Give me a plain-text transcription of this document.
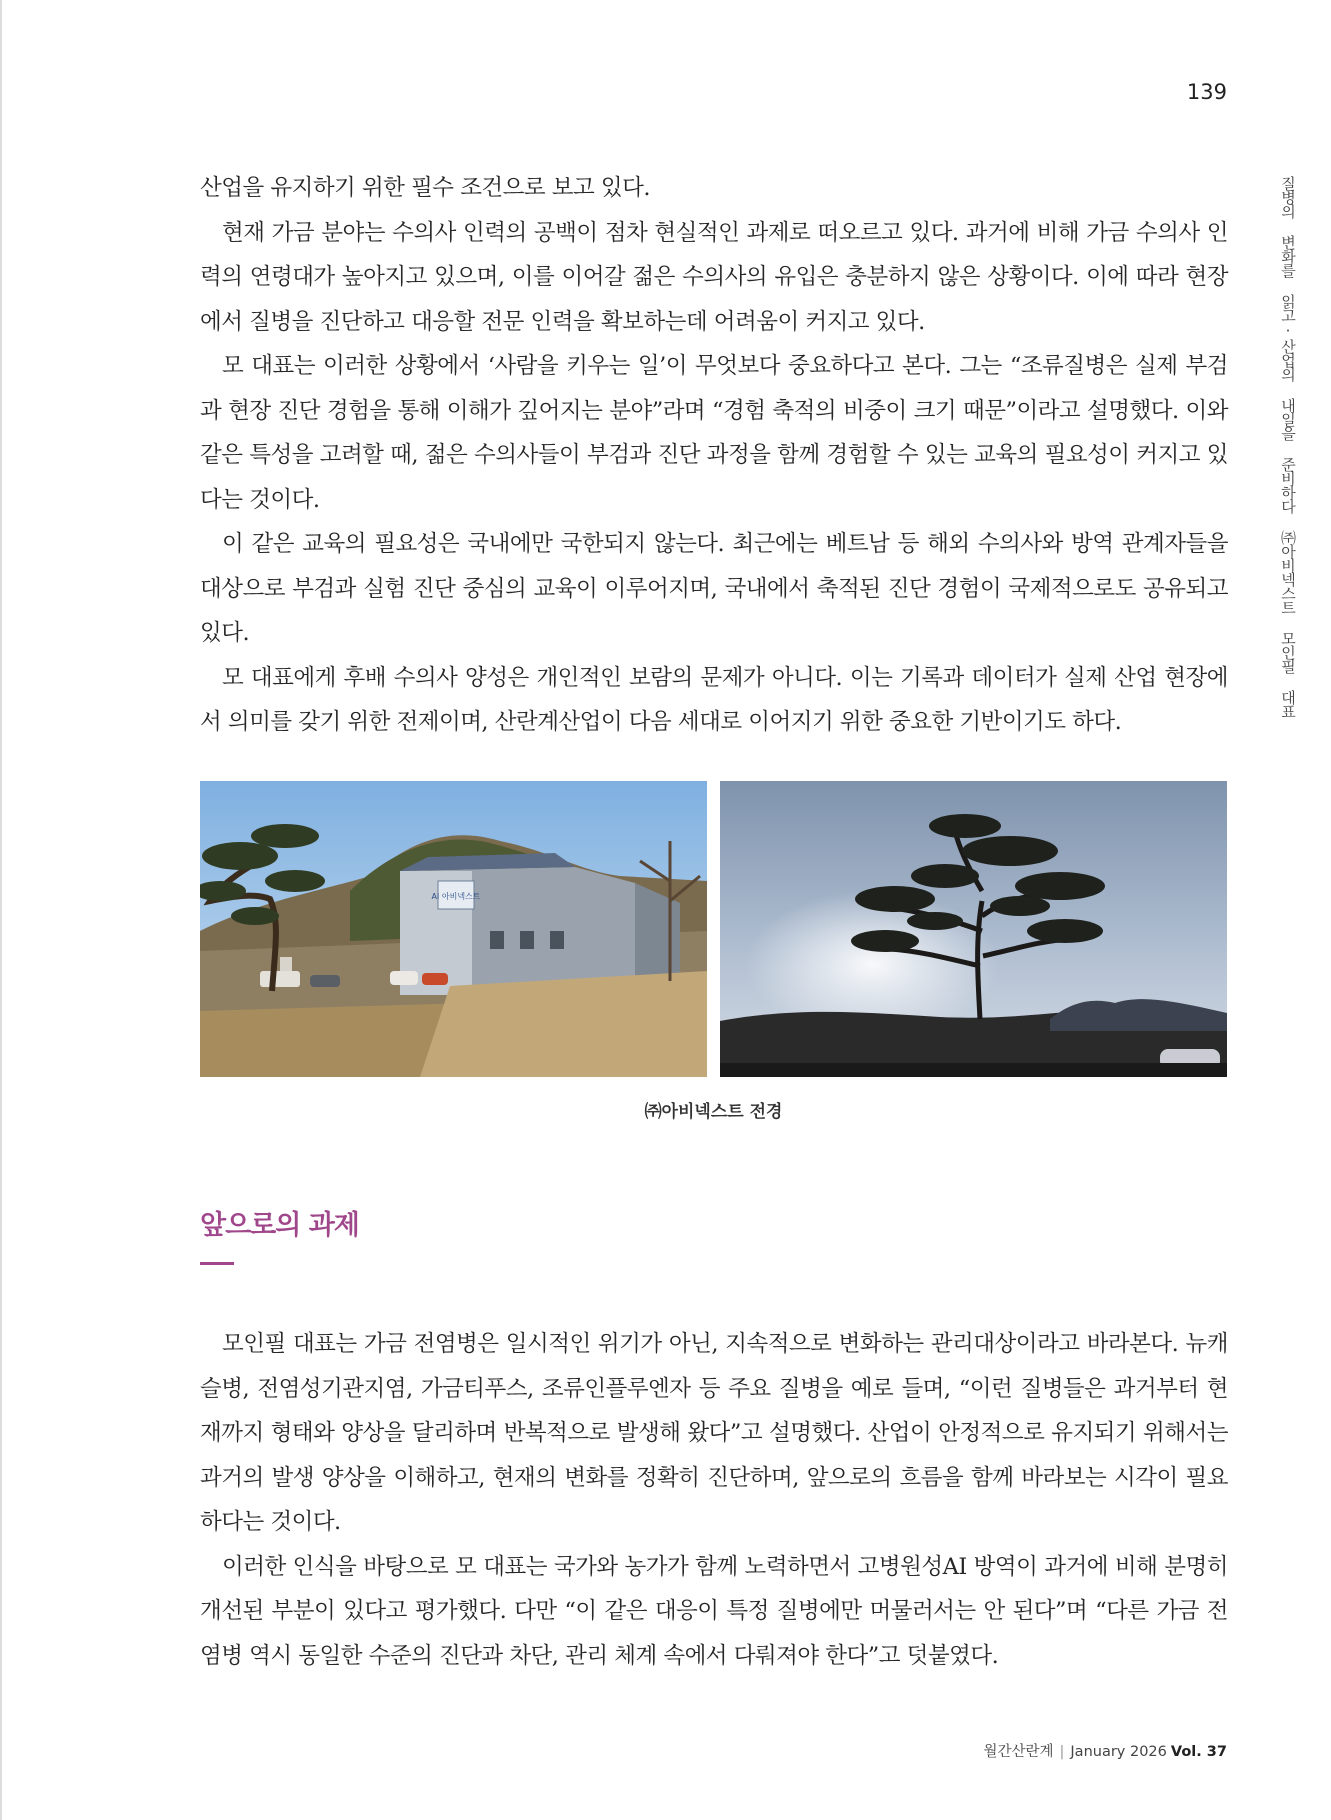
139
질병의 변화를 읽고·산업의 내일을 준비하다 ㈜아비넥스트 모인필 대표

산업을 유지하기 위한 필수 조건으로 보고 있다.

현재 가금 분야는 수의사 인력의 공백이 점차 현실적인 과제로 떠오르고 있다. 과거에 비해 가금 수의사 인력의 연령대가 높아지고 있으며, 이를 이어갈 젊은 수의사의 유입은 충분하지 않은 상황이다. 이에 따라 현장에서 질병을 진단하고 대응할 전문 인력을 확보하는데 어려움이 커지고 있다.

모 대표는 이러한 상황에서 ‘사람을 키우는 일’이 무엇보다 중요하다고 본다. 그는 “조류질병은 실제 부검과 현장 진단 경험을 통해 이해가 깊어지는 분야”라며 “경험 축적의 비중이 크기 때문”이라고 설명했다. 이와 같은 특성을 고려할 때, 젊은 수의사들이 부검과 진단 과정을 함께 경험할 수 있는 교육의 필요성이 커지고 있다는 것이다.

이 같은 교육의 필요성은 국내에만 국한되지 않는다. 최근에는 베트남 등 해외 수의사와 방역 관계자들을 대상으로 부검과 실험 진단 중심의 교육이 이루어지며, 국내에서 축적된 진단 경험이 국제적으로도 공유되고 있다.

모 대표에게 후배 수의사 양성은 개인적인 보람의 문제가 아니다. 이는 기록과 데이터가 실제 산업 현장에서 의미를 갖기 위한 전제이며, 산란계산업이 다음 세대로 이어지기 위한 중요한 기반이기도 하다.

AI 아비넥스트
㈜아비넥스트 전경
앞으로의 과제

모인필 대표는 가금 전염병은 일시적인 위기가 아닌, 지속적으로 변화하는 관리대상이라고 바라본다. 뉴캐슬병, 전염성기관지염, 가금티푸스, 조류인플루엔자 등 주요 질병을 예로 들며, “이런 질병들은 과거부터 현재까지 형태와 양상을 달리하며 반복적으로 발생해 왔다”고 설명했다. 산업이 안정적으로 유지되기 위해서는 과거의 발생 양상을 이해하고, 현재의 변화를 정확히 진단하며, 앞으로의 흐름을 함께 바라보는 시각이 필요하다는 것이다.

이러한 인식을 바탕으로 모 대표는 국가와 농가가 함께 노력하면서 고병원성AI 방역이 과거에 비해 분명히 개선된 부분이 있다고 평가했다. 다만 “이 같은 대응이 특정 질병에만 머물러서는 안 된다”며 “다른 가금 전염병 역시 동일한 수준의 진단과 차단, 관리 체계 속에서 다뤄져야 한다”고 덧붙였다.

월간산란계 | January 2026 Vol. 37
